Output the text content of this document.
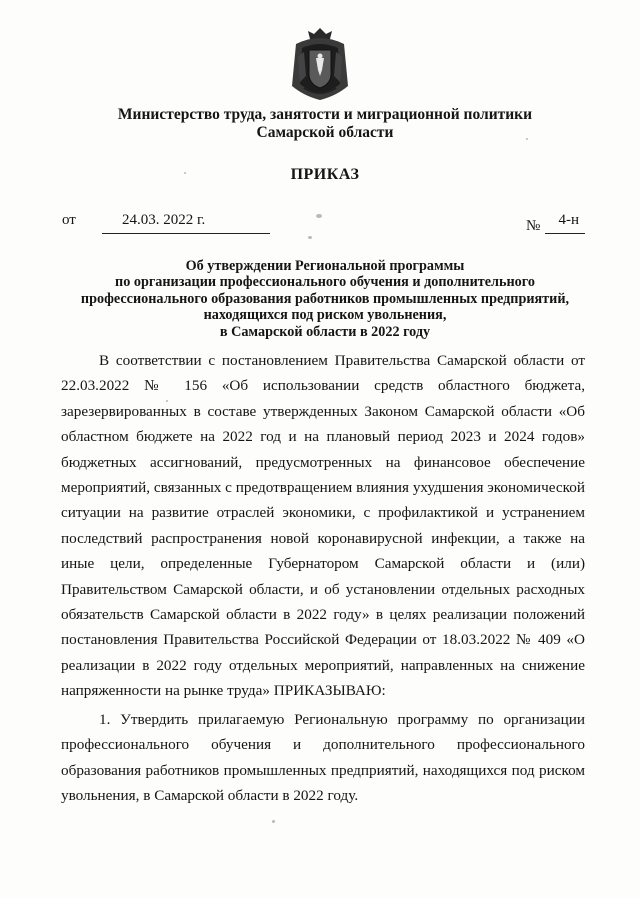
Министерство труда, занятости и миграционной политики
Самарской области
ПРИКАЗ
от	24.03. 2022 г.	№	4-н
Об утверждении Региональной программы
по организации профессионального обучения и дополнительного
профессионального образования работников промышленных предприятий,
находящихся под риском увольнения,
в Самарской области в 2022 году

В соответствии с постановлением Правительства Самарской области от 22.03.2022 № 156 «Об использовании средств областного бюджета, зарезервированных в составе утвержденных Законом Самарской области «Об областном бюджете на 2022 год и на плановый период 2023 и 2024 годов» бюджетных ассигнований, предусмотренных на финансовое обеспечение мероприятий, связанных с предотвращением влияния ухудшения экономической ситуации на развитие отраслей экономики, с профилактикой и устранением последствий распространения новой коронавирусной инфекции, а также на иные цели, определенные Губернатором Самарской области и (или) Правительством Самарской области, и об установлении отдельных расходных обязательств Самарской области в 2022 году» в целях реализации положений постановления Правительства Российской Федерации от 18.03.2022 № 409 «О реализации в 2022 году отдельных мероприятий, направленных на снижение напряженности на рынке труда» ПРИКАЗЫВАЮ:

1. Утвердить прилагаемую Региональную программу по организации профессионального обучения и дополнительного профессионального образования работников промышленных предприятий, находящихся под риском увольнения, в Самарской области в 2022 году.
